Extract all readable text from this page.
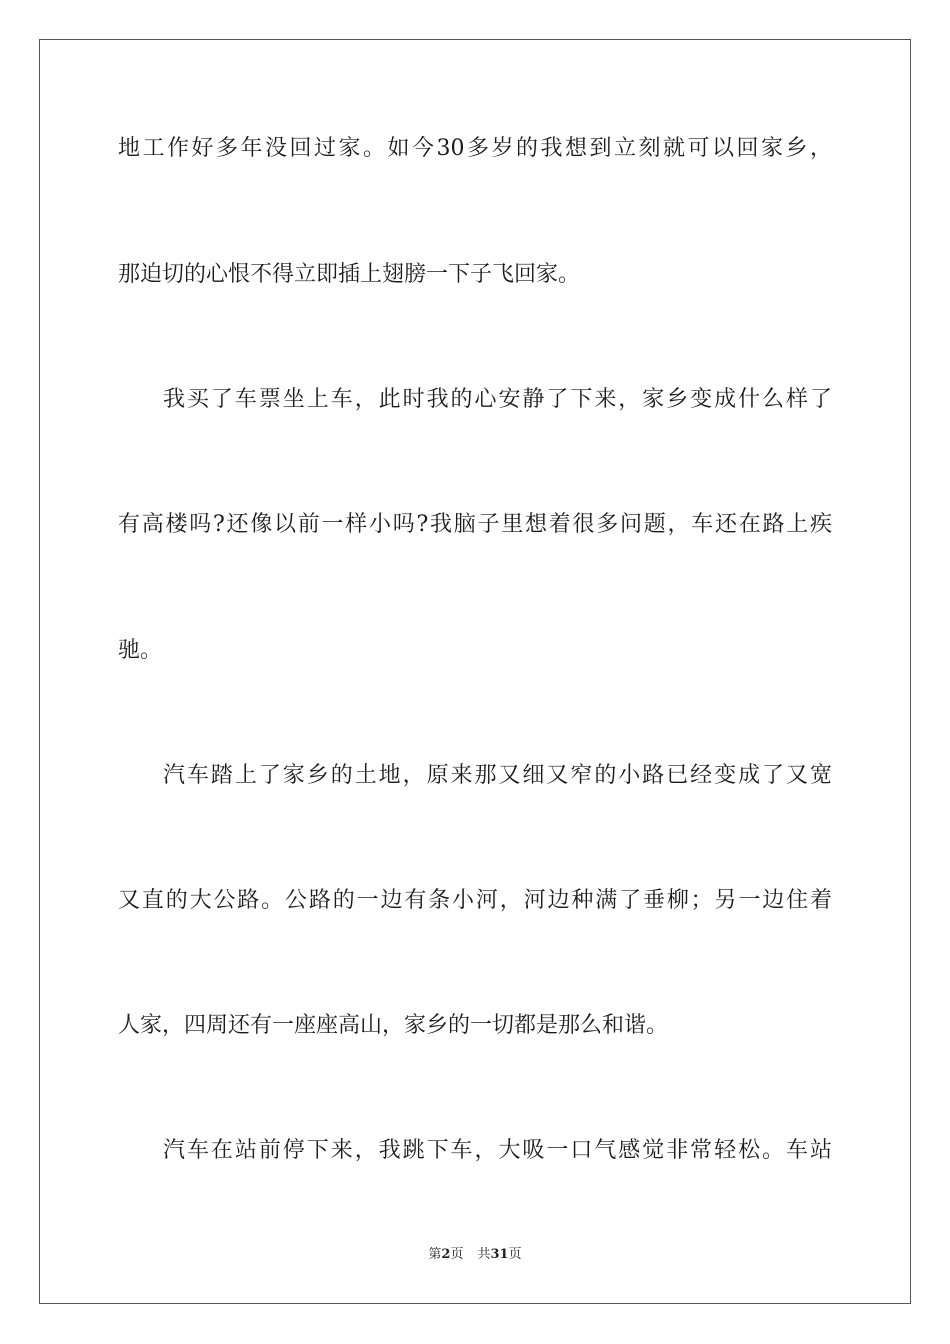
地工作好多年没回过家。如今30多岁的我想到立刻就可以回家乡，
那迫切的心恨不得立即插上翅膀一下子飞回家。
我买了车票坐上车，此时我的心安静了下来，家乡变成什么样了
有高楼吗?还像以前一样小吗?我脑子里想着很多问题，车还在路上疾
驰。
汽车踏上了家乡的土地，原来那又细又窄的小路已经变成了又宽
又直的大公路。公路的一边有条小河，河边种满了垂柳；另一边住着
人家，四周还有一座座高山，家乡的一切都是那么和谐。
汽车在站前停下来，我跳下车，大吸一口气感觉非常轻松。车站
第2页 共31页
